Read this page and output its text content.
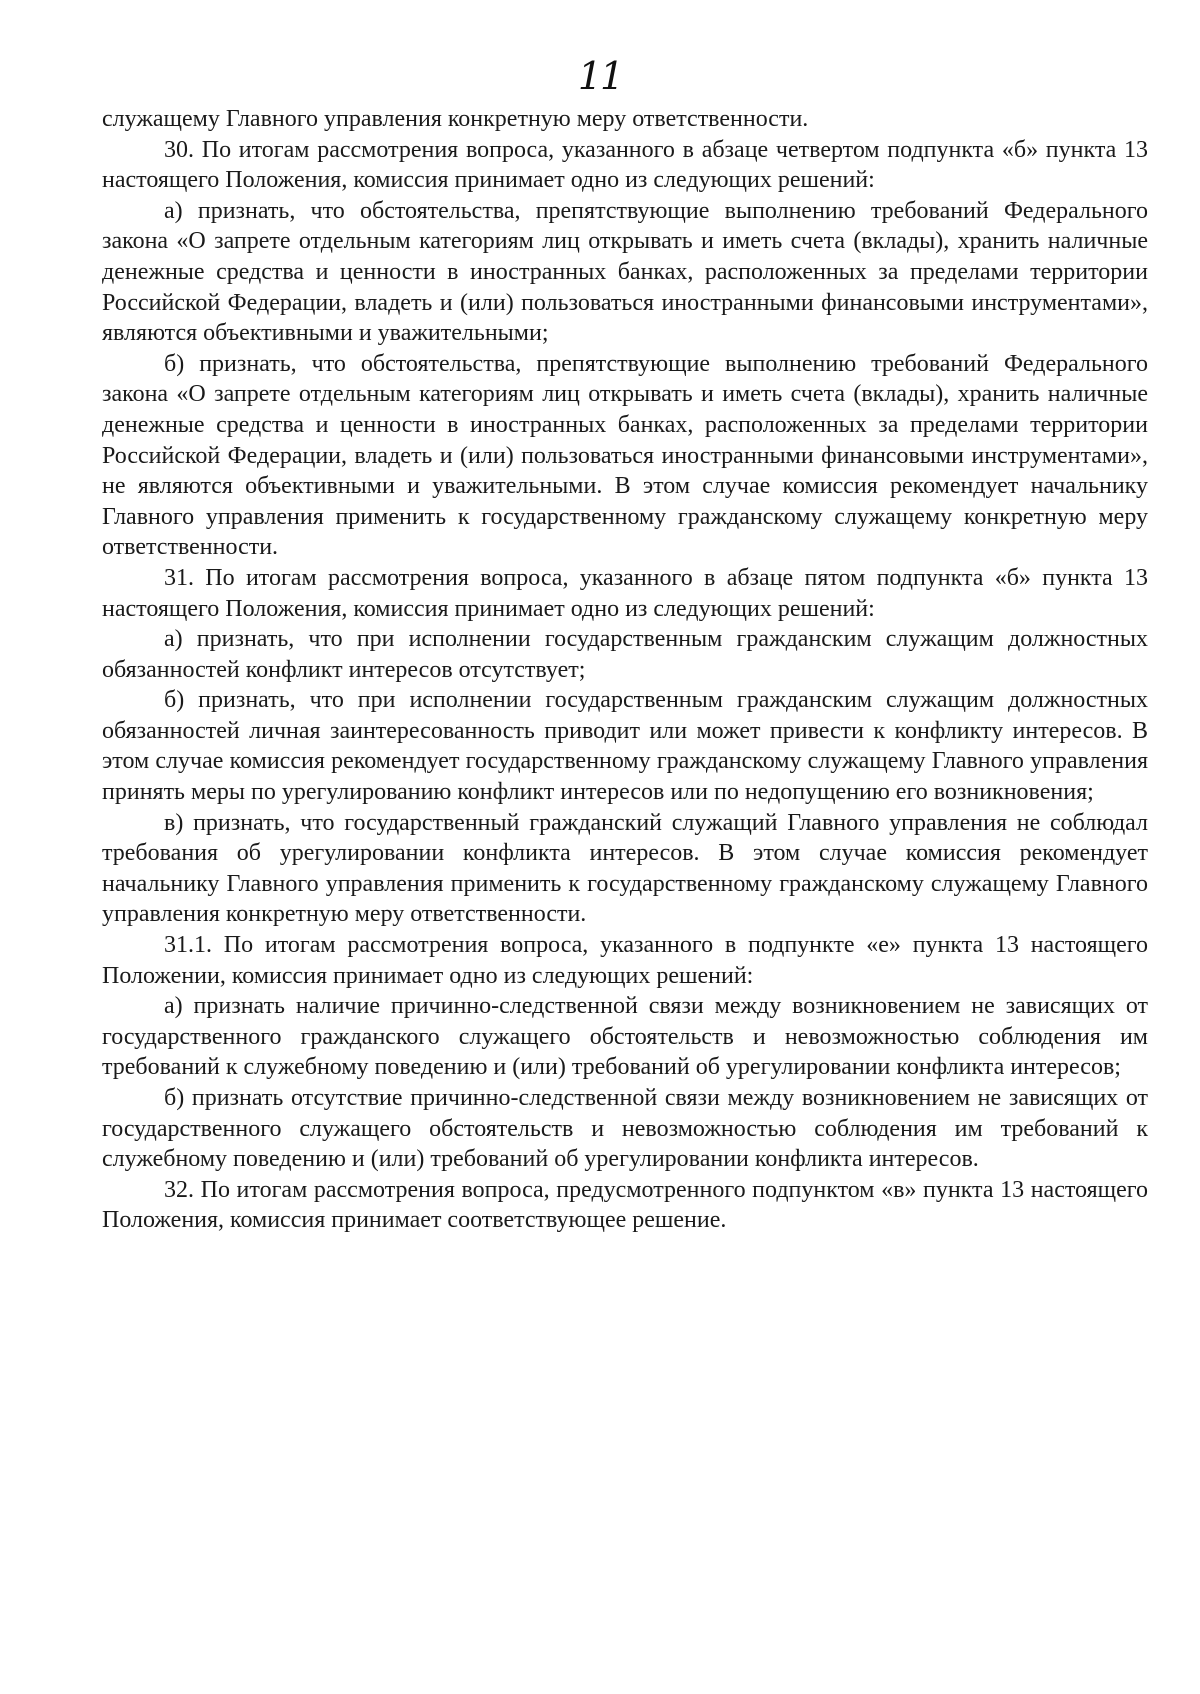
11

служащему Главного управления конкретную меру ответственности.

30. По итогам рассмотрения вопроса, указанного в абзаце четвертом подпункта «б» пункта 13 настоящего Положения, комиссия принимает одно из следующих решений:

а) признать, что обстоятельства, препятствующие выполнению требований Федерального закона «О запрете отдельным категориям лиц открывать и иметь счета (вклады), хранить наличные денежные средства и ценности в иностранных банках, расположенных за пределами территории Российской Федерации, владеть и (или) пользоваться иностранными финансовыми инструментами», являются объективными и уважительными;

б) признать, что обстоятельства, препятствующие выполнению требований Федерального закона «О запрете отдельным категориям лиц открывать и иметь счета (вклады), хранить наличные денежные средства и ценности в иностранных банках, расположенных за пределами территории Российской Федерации, владеть и (или) пользоваться иностранными финансовыми инструментами», не являются объективными и уважительными. В этом случае комиссия рекомендует начальнику Главного управления применить к государственному гражданскому служащему конкретную меру ответственности.

31. По итогам рассмотрения вопроса, указанного в абзаце пятом подпункта «б» пункта 13 настоящего Положения, комиссия принимает одно из следующих решений:

а) признать, что при исполнении государственным гражданским служащим должностных обязанностей конфликт интересов отсутствует;

б) признать, что при исполнении государственным гражданским служащим должностных обязанностей личная заинтересованность приводит или может привести к конфликту интересов. В этом случае комиссия рекомендует государственному гражданскому служащему Главного управления принять меры по урегулированию конфликт интересов или по недопущению его возникновения;

в) признать, что государственный гражданский служащий Главного управления не соблюдал требования об урегулировании конфликта интересов. В этом случае комиссия рекомендует начальнику Главного управления применить к государственному гражданскому служащему Главного управления конкретную меру ответственности.

31.1. По итогам рассмотрения вопроса, указанного в подпункте «е» пункта 13 настоящего Положении, комиссия принимает одно из следующих решений:

а) признать наличие причинно-следственной связи между возникновением не зависящих от государственного гражданского служащего обстоятельств и невозможностью соблюдения им требований к служебному поведению и (или) требований об урегулировании конфликта интересов;

б) признать отсутствие причинно-следственной связи между возникновением не зависящих от государственного служащего обстоятельств и невозможностью соблюдения им требований к служебному поведению и (или) требований об урегулировании конфликта интересов.

32. По итогам рассмотрения вопроса, предусмотренного подпунктом «в» пункта 13 настоящего Положения, комиссия принимает соответствующее решение.
